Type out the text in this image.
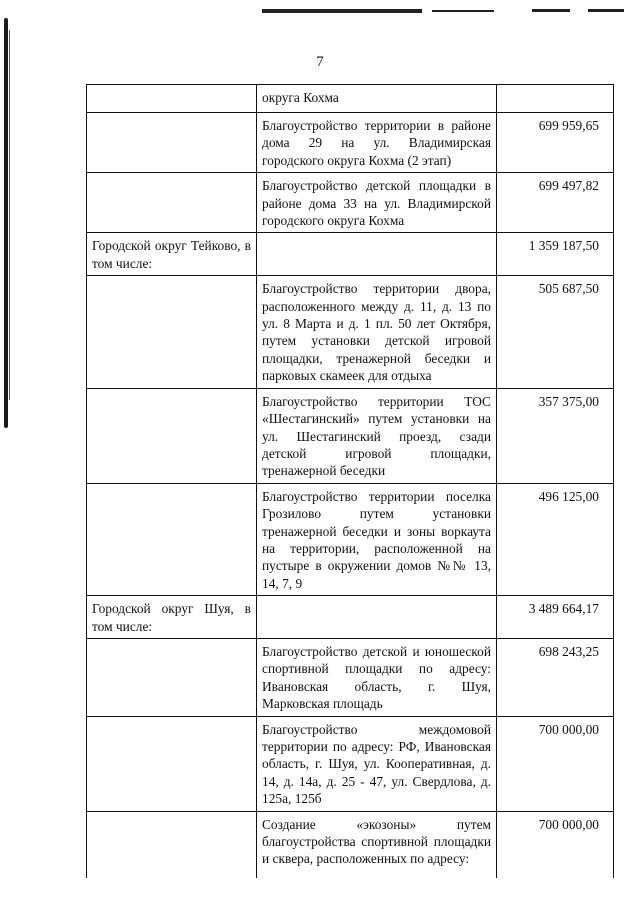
7
	округа Кохма	
	Благоустройство территории в районе дома 29 на ул. Владимирская городского округа Кохма (2 этап)	699 959,65
	Благоустройство детской площадки в районе дома 33 на ул. Владимирской городского округа Кохма	699 497,82
Городской округ Тейково, в том числе:		1 359 187,50
	Благоустройство территории двора, расположенного между д. 11, д. 13 по ул. 8 Марта и д. 1 пл. 50 лет Октября, путем установки детской игровой площадки, тренажерной беседки и парковых скамеек для отдыха	505 687,50
	Благоустройство территории ТОС «Шестагинский» путем установки на ул. Шестагинский проезд, сзади детской игровой площадки, тренажерной беседки	357 375,00
	Благоустройство территории поселка Грозилово путем установки тренажерной беседки и зоны воркаута на территории, расположенной на пустыре в окружении домов №№ 13, 14, 7, 9	496 125,00
Городской округ Шуя, в том числе:		3 489 664,17
	Благоустройство детской и юношеской спортивной площадки по адресу: Ивановская область, г. Шуя, Марковская площадь	698 243,25
	Благоустройство междомовой территории по адресу: РФ, Ивановская область, г. Шуя, ул. Кооперативная, д. 14, д. 14а, д. 25 - 47, ул. Свердлова, д. 125а, 125б	700 000,00
	Создание «экозоны» путем благоустройства спортивной площадки и сквера, расположенных по адресу:	700 000,00
